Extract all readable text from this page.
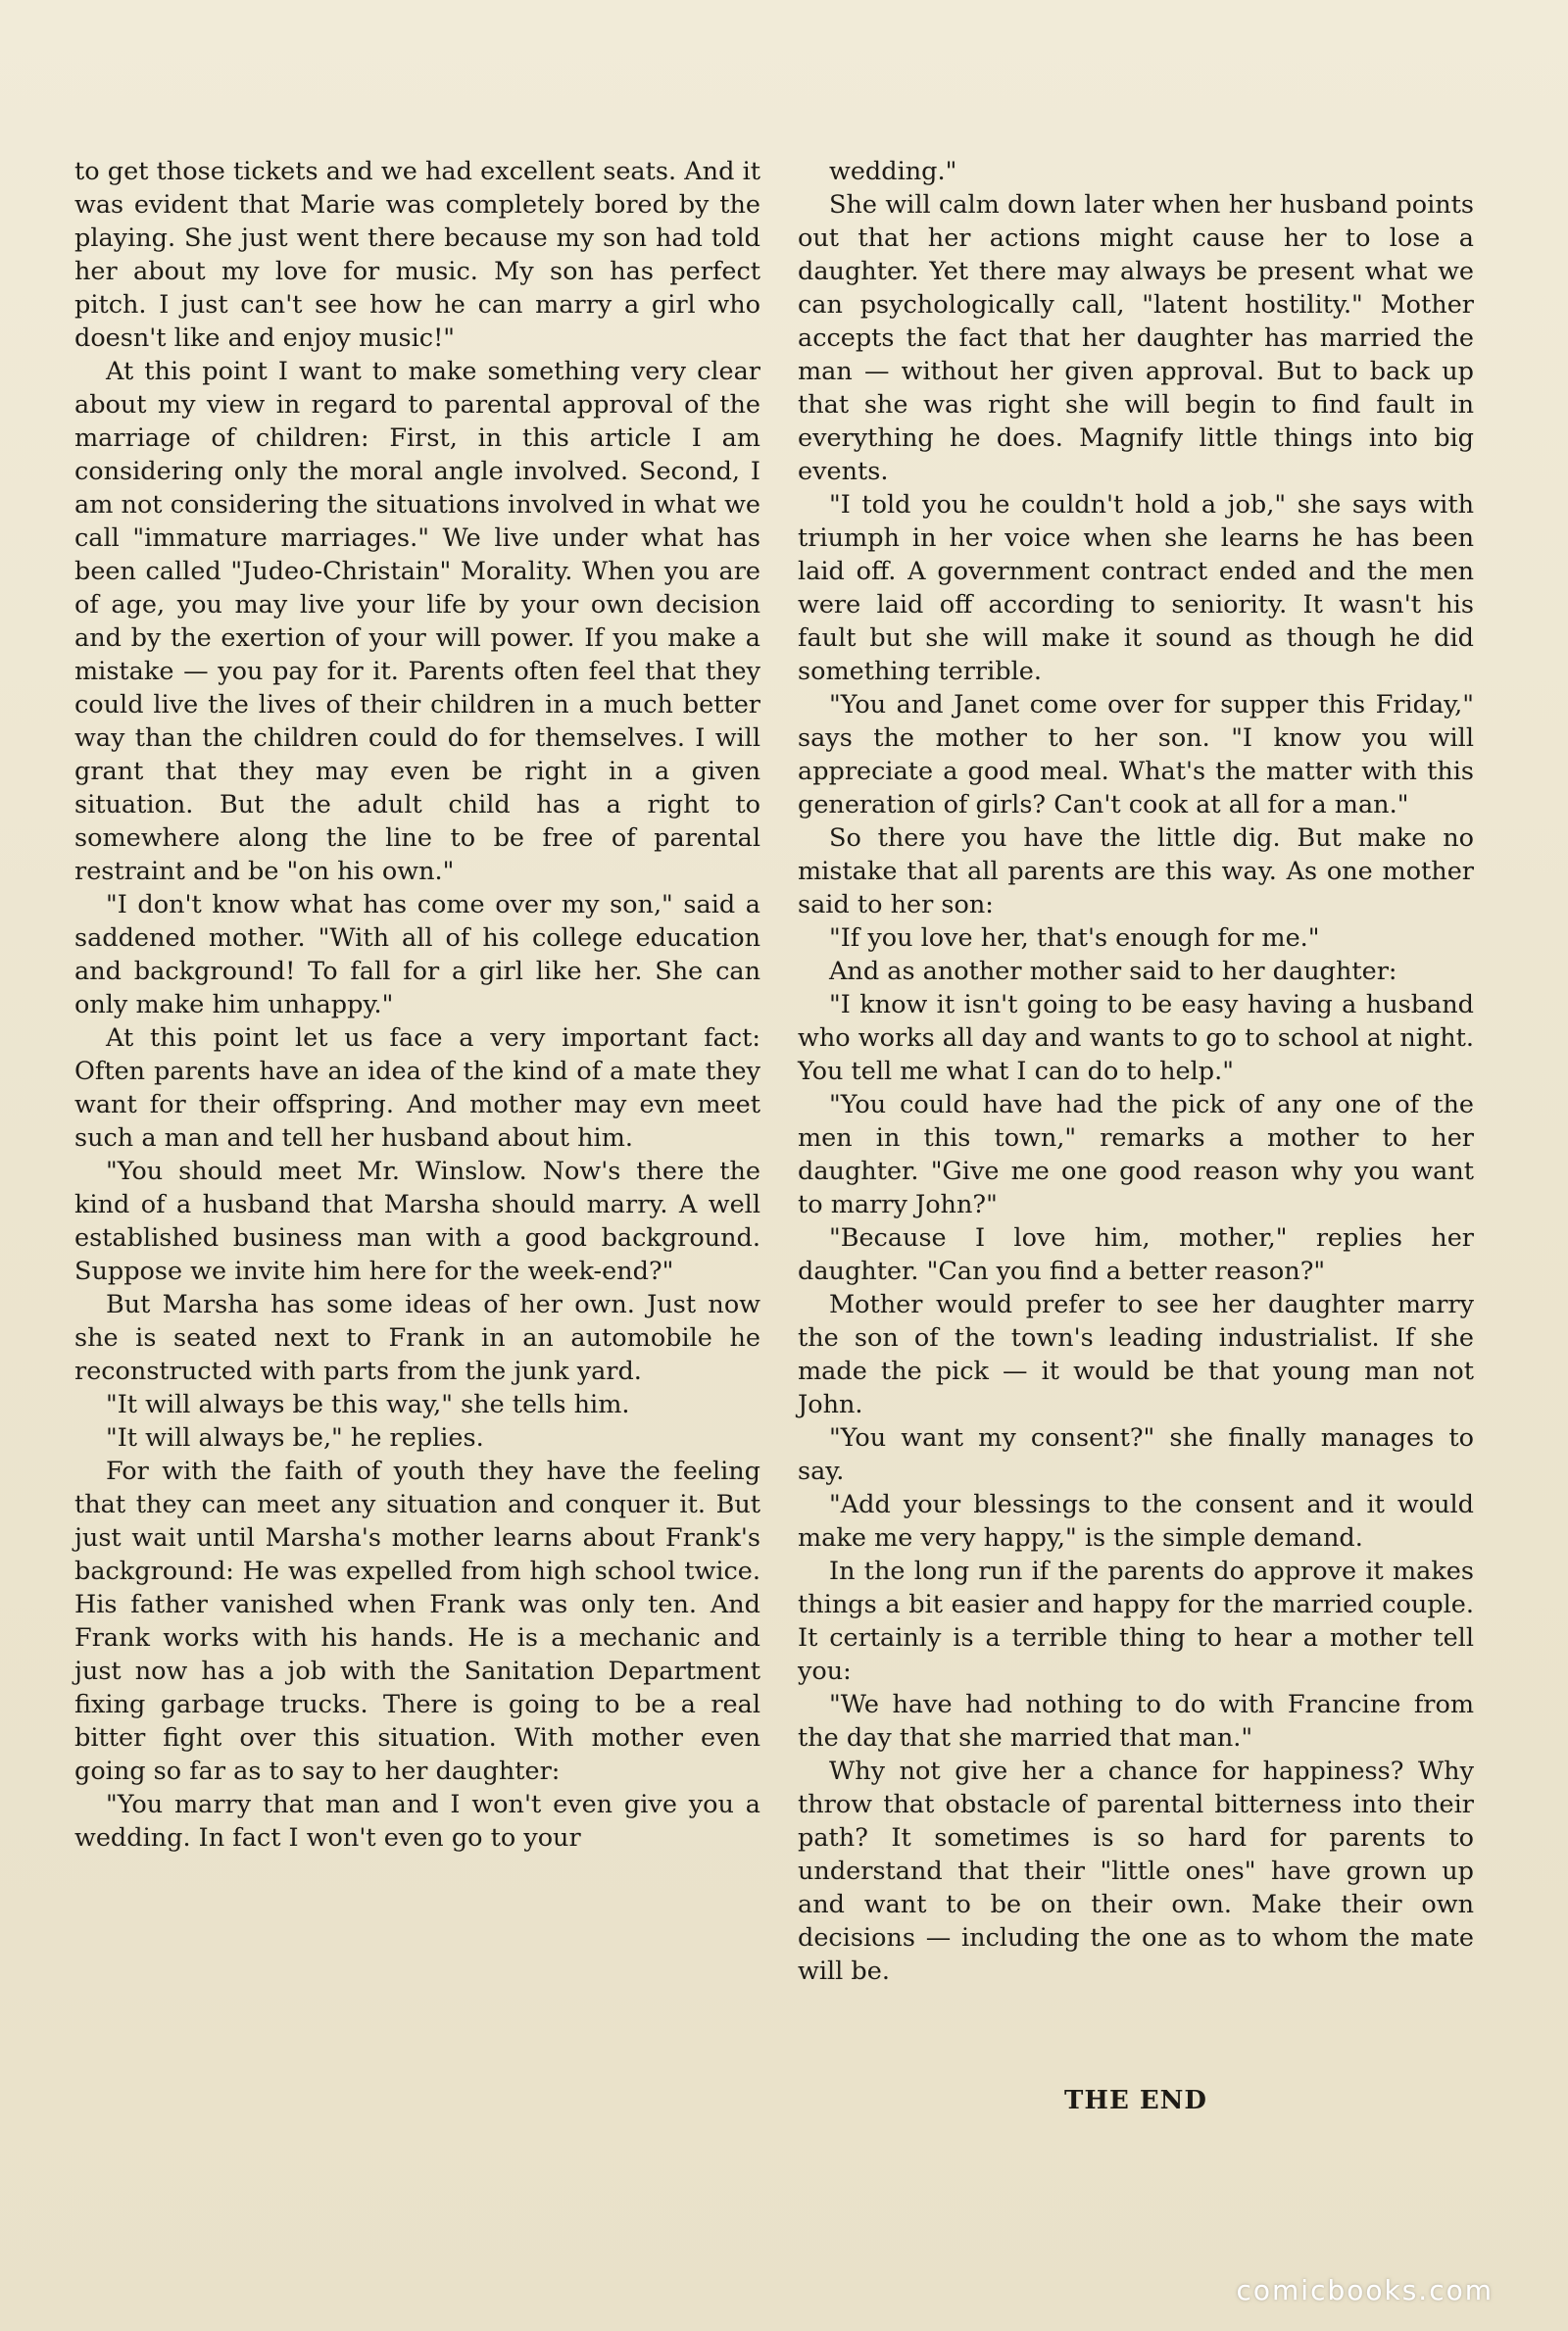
to get those tickets and we had excellent seats. And it was evident that Marie was completely bored by the playing. She just went there because my son had told her about my love for music. My son has perfect pitch. I just can't see how he can marry a girl who doesn't like and enjoy music!"

At this point I want to make something very clear about my view in regard to parental approval of the marriage of children: First, in this article I am considering only the moral angle involved. Second, I am not considering the situations involved in what we call "immature marriages." We live under what has been called "Judeo-Christain" Morality. When you are of age, you may live your life by your own decision and by the exertion of your will power. If you make a mistake — you pay for it. Parents often feel that they could live the lives of their children in a much better way than the children could do for themselves. I will grant that they may even be right in a given situation. But the adult child has a right to somewhere along the line to be free of parental restraint and be "on his own."

"I don't know what has come over my son," said a saddened mother. "With all of his college education and background! To fall for a girl like her. She can only make him unhappy."

At this point let us face a very important fact: Often parents have an idea of the kind of a mate they want for their offspring. And mother may evn meet such a man and tell her husband about him.

"You should meet Mr. Winslow. Now's there the kind of a husband that Marsha should marry. A well established business man with a good background. Suppose we invite him here for the week-end?"

But Marsha has some ideas of her own. Just now she is seated next to Frank in an automobile he reconstructed with parts from the junk yard.

"It will always be this way," she tells him.

"It will always be," he replies.

For with the faith of youth they have the feeling that they can meet any situation and conquer it. But just wait until Marsha's mother learns about Frank's background: He was expelled from high school twice. His father vanished when Frank was only ten. And Frank works with his hands. He is a mechanic and just now has a job with the Sanitation Department fixing garbage trucks. There is going to be a real bitter fight over this situation. With mother even going so far as to say to her daughter:

"You marry that man and I won't even give you a wedding. In fact I won't even go to your

wedding."

She will calm down later when her husband points out that her actions might cause her to lose a daughter. Yet there may always be present what we can psychologically call, "latent hostility." Mother accepts the fact that her daughter has married the man — without her given approval. But to back up that she was right she will begin to find fault in everything he does. Magnify little things into big events.

"I told you he couldn't hold a job," she says with triumph in her voice when she learns he has been laid off. A government contract ended and the men were laid off according to seniority. It wasn't his fault but she will make it sound as though he did something terrible.

"You and Janet come over for supper this Friday," says the mother to her son. "I know you will appreciate a good meal. What's the matter with this generation of girls? Can't cook at all for a man."

So there you have the little dig. But make no mistake that all parents are this way. As one mother said to her son:

"If you love her, that's enough for me."

And as another mother said to her daughter:

"I know it isn't going to be easy having a husband who works all day and wants to go to school at night. You tell me what I can do to help."

"You could have had the pick of any one of the men in this town," remarks a mother to her daughter. "Give me one good reason why you want to marry John?"

"Because I love him, mother," replies her daughter. "Can you find a better reason?"

Mother would prefer to see her daughter marry the son of the town's leading industrialist. If she made the pick — it would be that young man not John.

"You want my consent?" she finally manages to say.

"Add your blessings to the consent and it would make me very happy," is the simple demand.

In the long run if the parents do approve it makes things a bit easier and happy for the married couple. It certainly is a terrible thing to hear a mother tell you:

"We have had nothing to do with Francine from the day that she married that man."

Why not give her a chance for happiness? Why throw that obstacle of parental bitterness into their path? It sometimes is so hard for parents to understand that their "little ones" have grown up and want to be on their own. Make their own decisions — including the one as to whom the mate will be.

THE END
comicbooks.com
